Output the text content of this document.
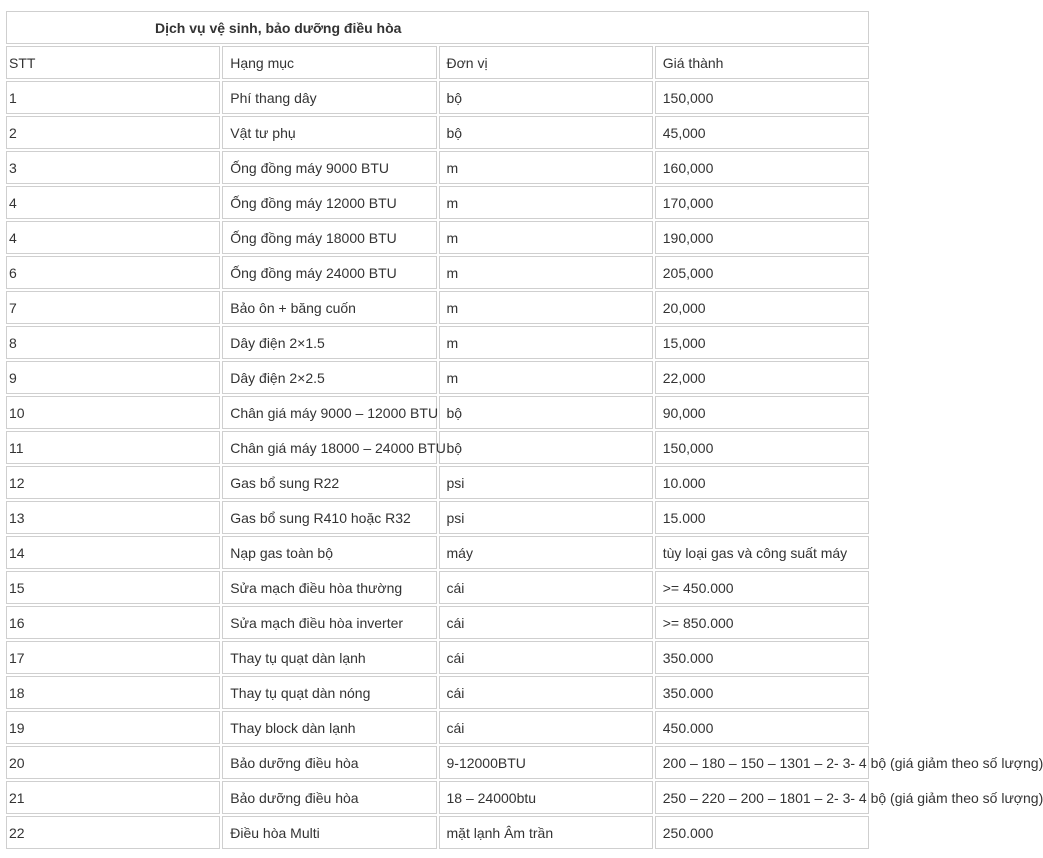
Dịch vụ vệ sinh, bảo dưỡng điều hòa			
STT	Hạng mục	Đơn vị	Giá thành
1	Phí thang dây	bộ	150,000
2	Vật tư phụ	bộ	45,000
3	Ống đồng máy 9000 BTU	m	160,000
4	Ống đồng máy 12000 BTU	m	170,000
4	Ống đồng máy 18000 BTU	m	190,000
6	Ống đồng máy 24000 BTU	m	205,000
7	Bảo ôn + băng cuốn	m	20,000
8	Dây điện 2×1.5	m	15,000
9	Dây điện 2×2.5	m	22,000
10	Chân giá máy 9000 – 12000 BTU	bộ	90,000
11	Chân giá máy 18000 – 24000 BTU	bộ	150,000
12	Gas bổ sung R22	psi	10.000
13	Gas bổ sung R410 hoặc R32	psi	15.000
14	Nạp gas toàn bộ	máy	tùy loại gas và công suất máy
15	Sửa mạch điều hòa thường	cái	>= 450.000
16	Sửa mạch điều hòa inverter	cái	>= 850.000
17	Thay tụ quạt dàn lạnh	cái	350.000
18	Thay tụ quạt dàn nóng	cái	350.000
19	Thay block dàn lạnh	cái	450.000
20	Bảo dưỡng điều hòa	9-12000BTU	200 – 180 – 150 – 1301 – 2- 3- 4 bộ (giá giảm theo số lượng)
21	Bảo dưỡng điều hòa	18 – 24000btu	250 – 220 – 200 – 1801 – 2- 3- 4 bộ (giá giảm theo số lượng)
22	Điều hòa Multi	mặt lạnh Âm trần	250.000
